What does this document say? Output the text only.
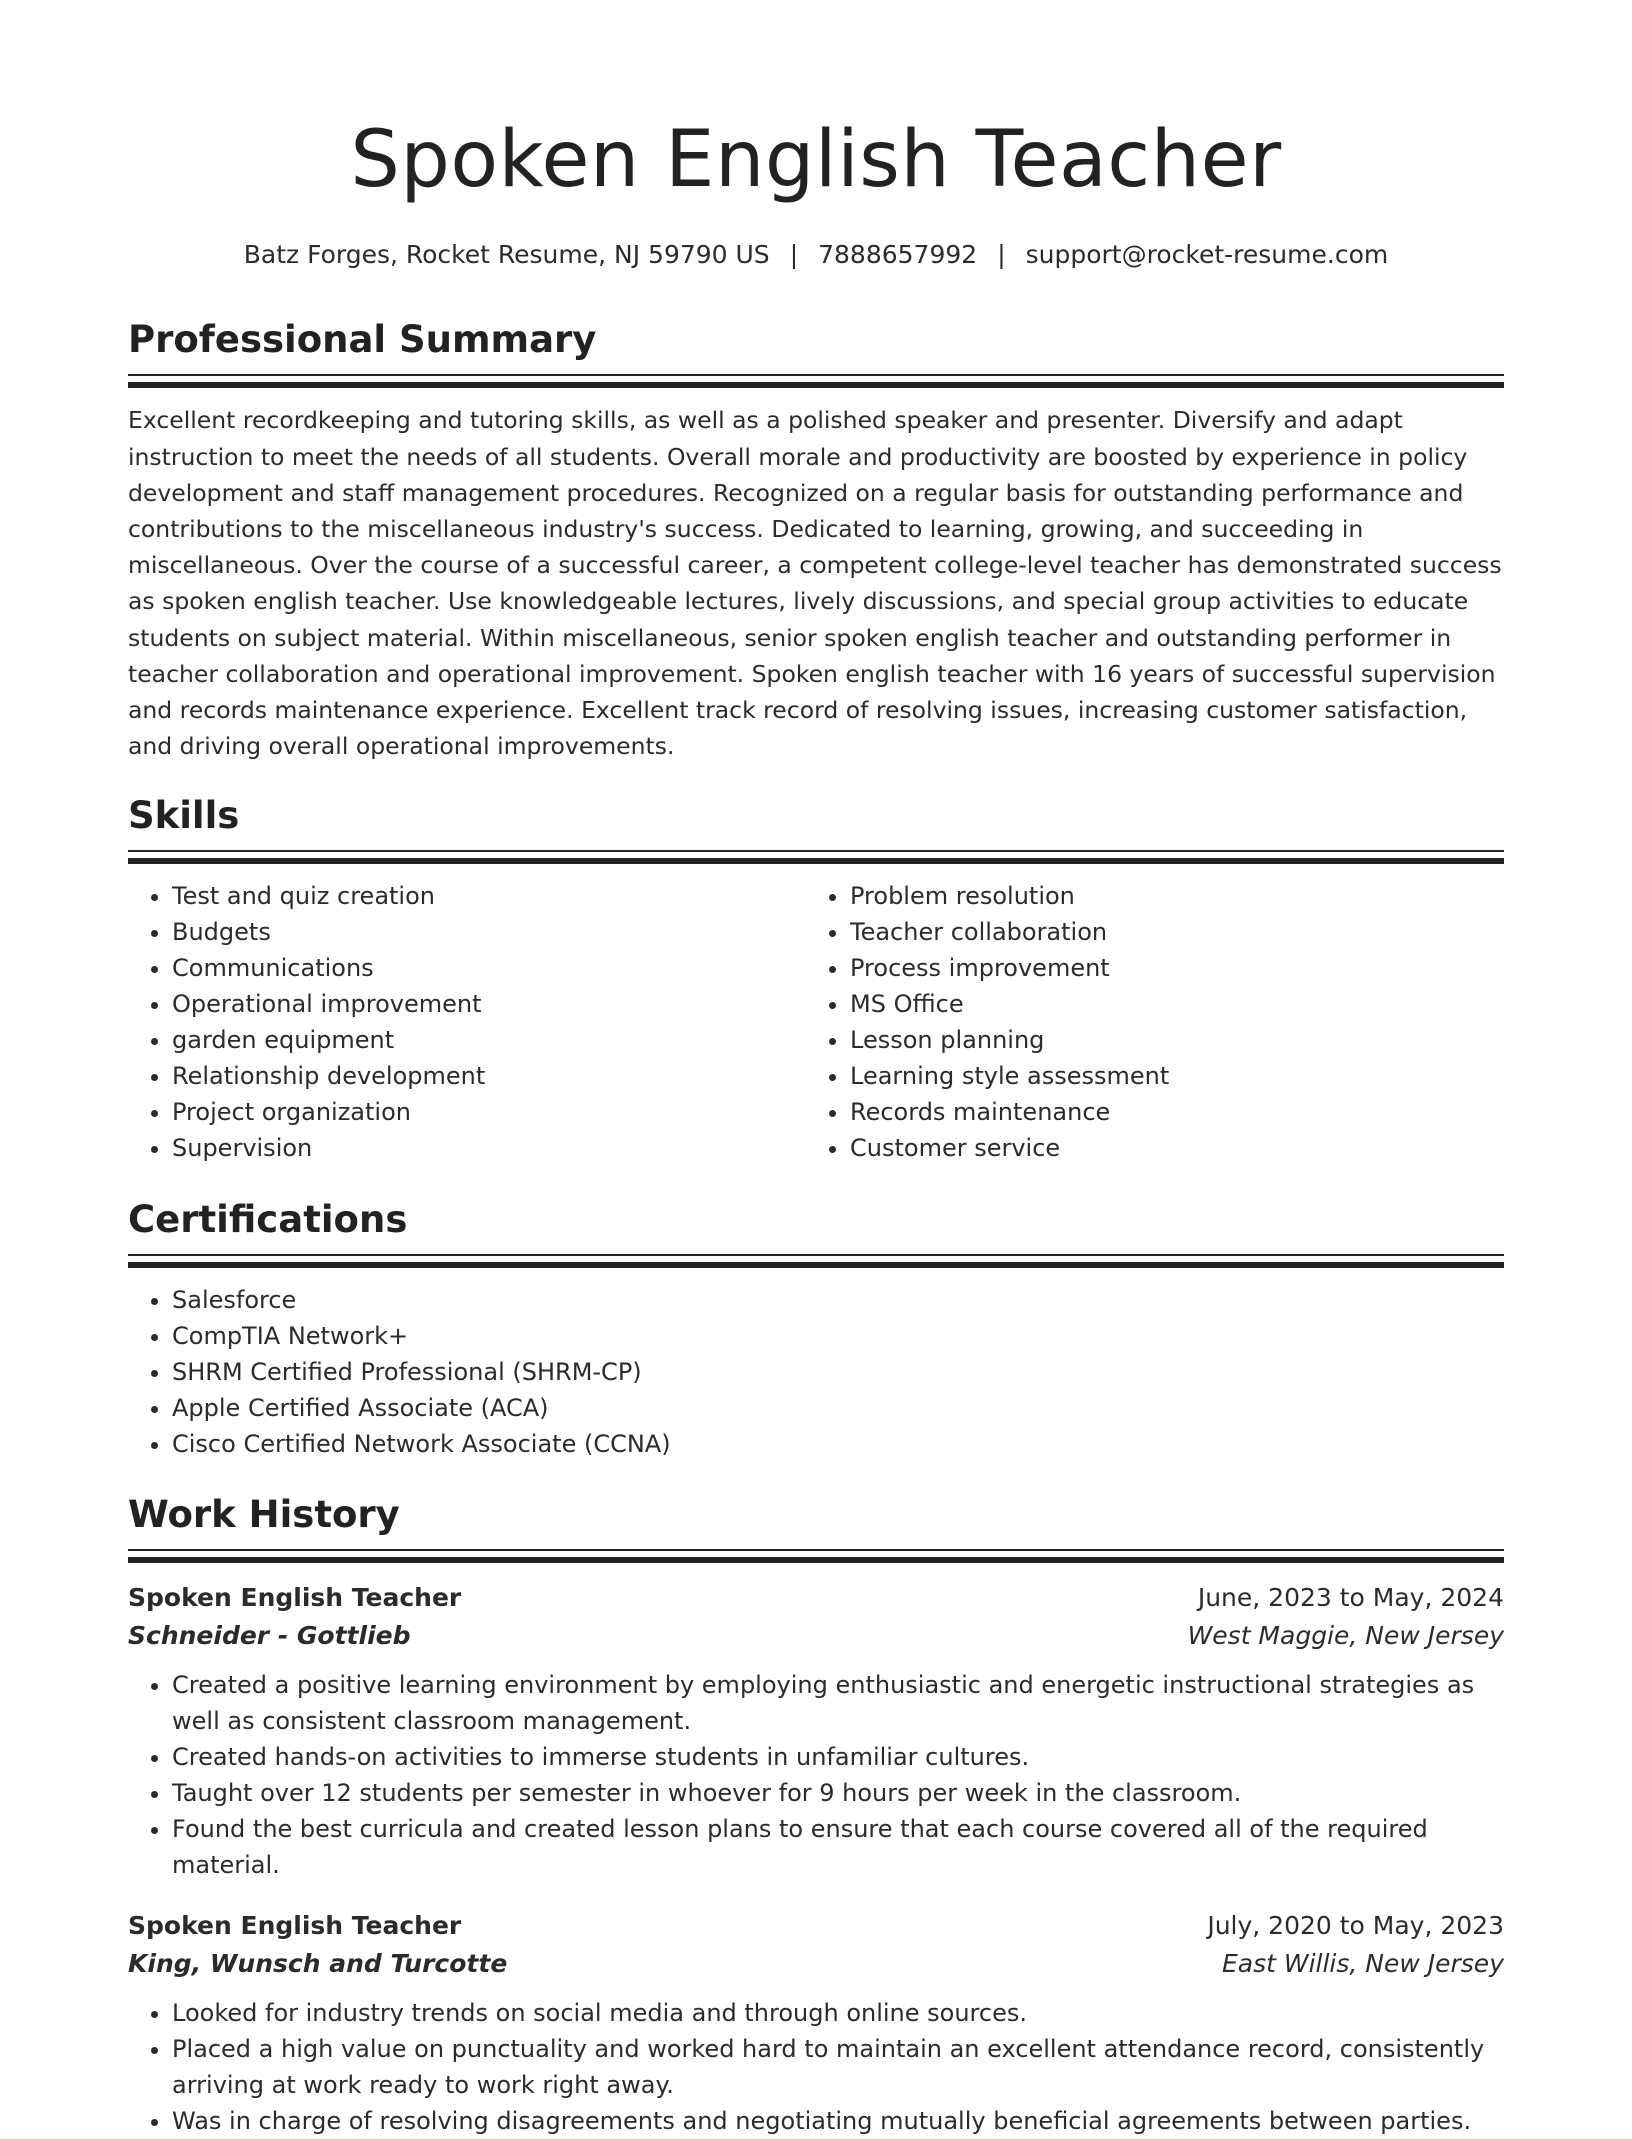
Spoken English Teacher
Batz Forges, Rocket Resume, NJ 59790 US | 7888657992 | support@rocket-resume.com
Professional Summary

Excellent recordkeeping and tutoring skills, as well as a polished speaker and presenter. Diversify and adapt instruction to meet the needs of all students. Overall morale and productivity are boosted by experience in policy development and staff management procedures. Recognized on a regular basis for outstanding performance and contributions to the miscellaneous industry's success. Dedicated to learning, growing, and succeeding in miscellaneous. Over the course of a successful career, a competent college-level teacher has demonstrated success as spoken english teacher. Use knowledgeable lectures, lively discussions, and special group activities to educate students on subject material. Within miscellaneous, senior spoken english teacher and outstanding performer in teacher collaboration and operational improvement. Spoken english teacher with 16 years of successful supervision and records maintenance experience. Excellent track record of resolving issues, increasing customer satisfaction, and driving overall operational improvements.

Skills
• Test and quiz creation
• Budgets
• Communications
• Operational improvement
• garden equipment
• Relationship development
• Project organization
• Supervision
• Problem resolution
• Teacher collaboration
• Process improvement
• MS Office
• Lesson planning
• Learning style assessment
• Records maintenance
• Customer service
Certifications
• Salesforce
• CompTIA Network+
• SHRM Certified Professional (SHRM-CP)
• Apple Certified Associate (ACA)
• Cisco Certified Network Associate (CCNA)
Work History
Spoken English Teacher	June, 2023 to May, 2024
Schneider - Gottlieb	West Maggie, New Jersey
• Created a positive learning environment by employing enthusiastic and energetic instructional strategies as well as consistent classroom management.
• Created hands-on activities to immerse students in unfamiliar cultures.
• Taught over 12 students per semester in whoever for 9 hours per week in the classroom.
• Found the best curricula and created lesson plans to ensure that each course covered all of the required material.
Spoken English Teacher	July, 2020 to May, 2023
King, Wunsch and Turcotte	East Willis, New Jersey
• Looked for industry trends on social media and through online sources.
• Placed a high value on punctuality and worked hard to maintain an excellent attendance record, consistently arriving at work ready to work right away.
• Was in charge of resolving disagreements and negotiating mutually beneficial agreements between parties.
